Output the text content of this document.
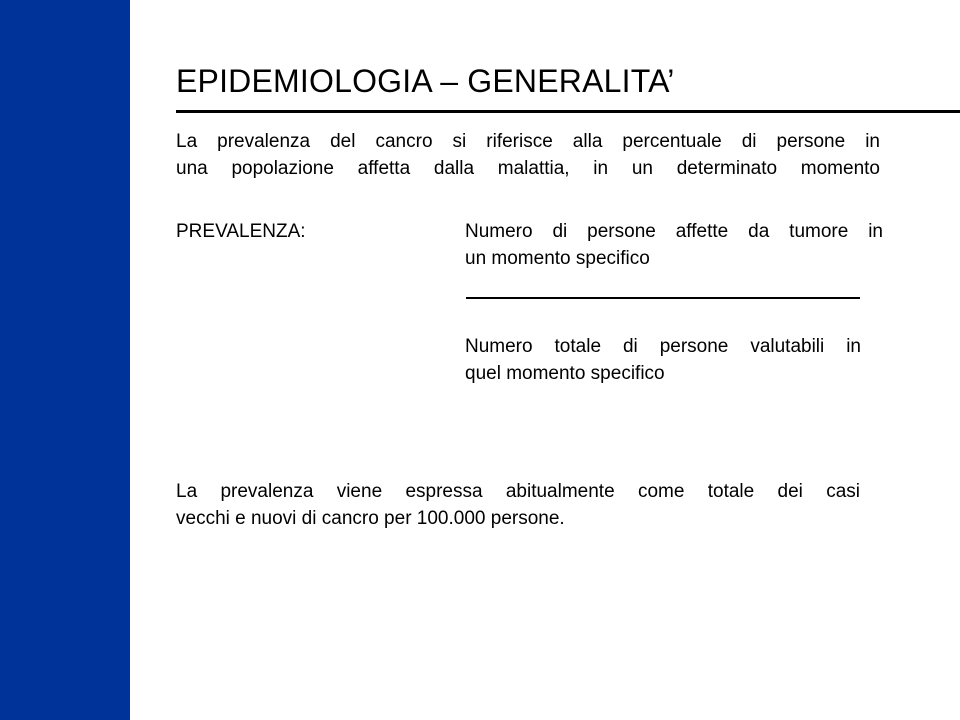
EPIDEMIOLOGIA – GENERALITA’
La prevalenza del cancro si riferisce alla percentuale di persone in
una popolazione affetta dalla malattia, in un determinato momento
PREVALENZA:	Numero di persone affette da tumore in
un momento specifico
Numero totale di persone valutabili in
quel momento specifico
La prevalenza viene espressa abitualmente come totale dei casi
vecchi e nuovi di cancro per 100.000 persone.
